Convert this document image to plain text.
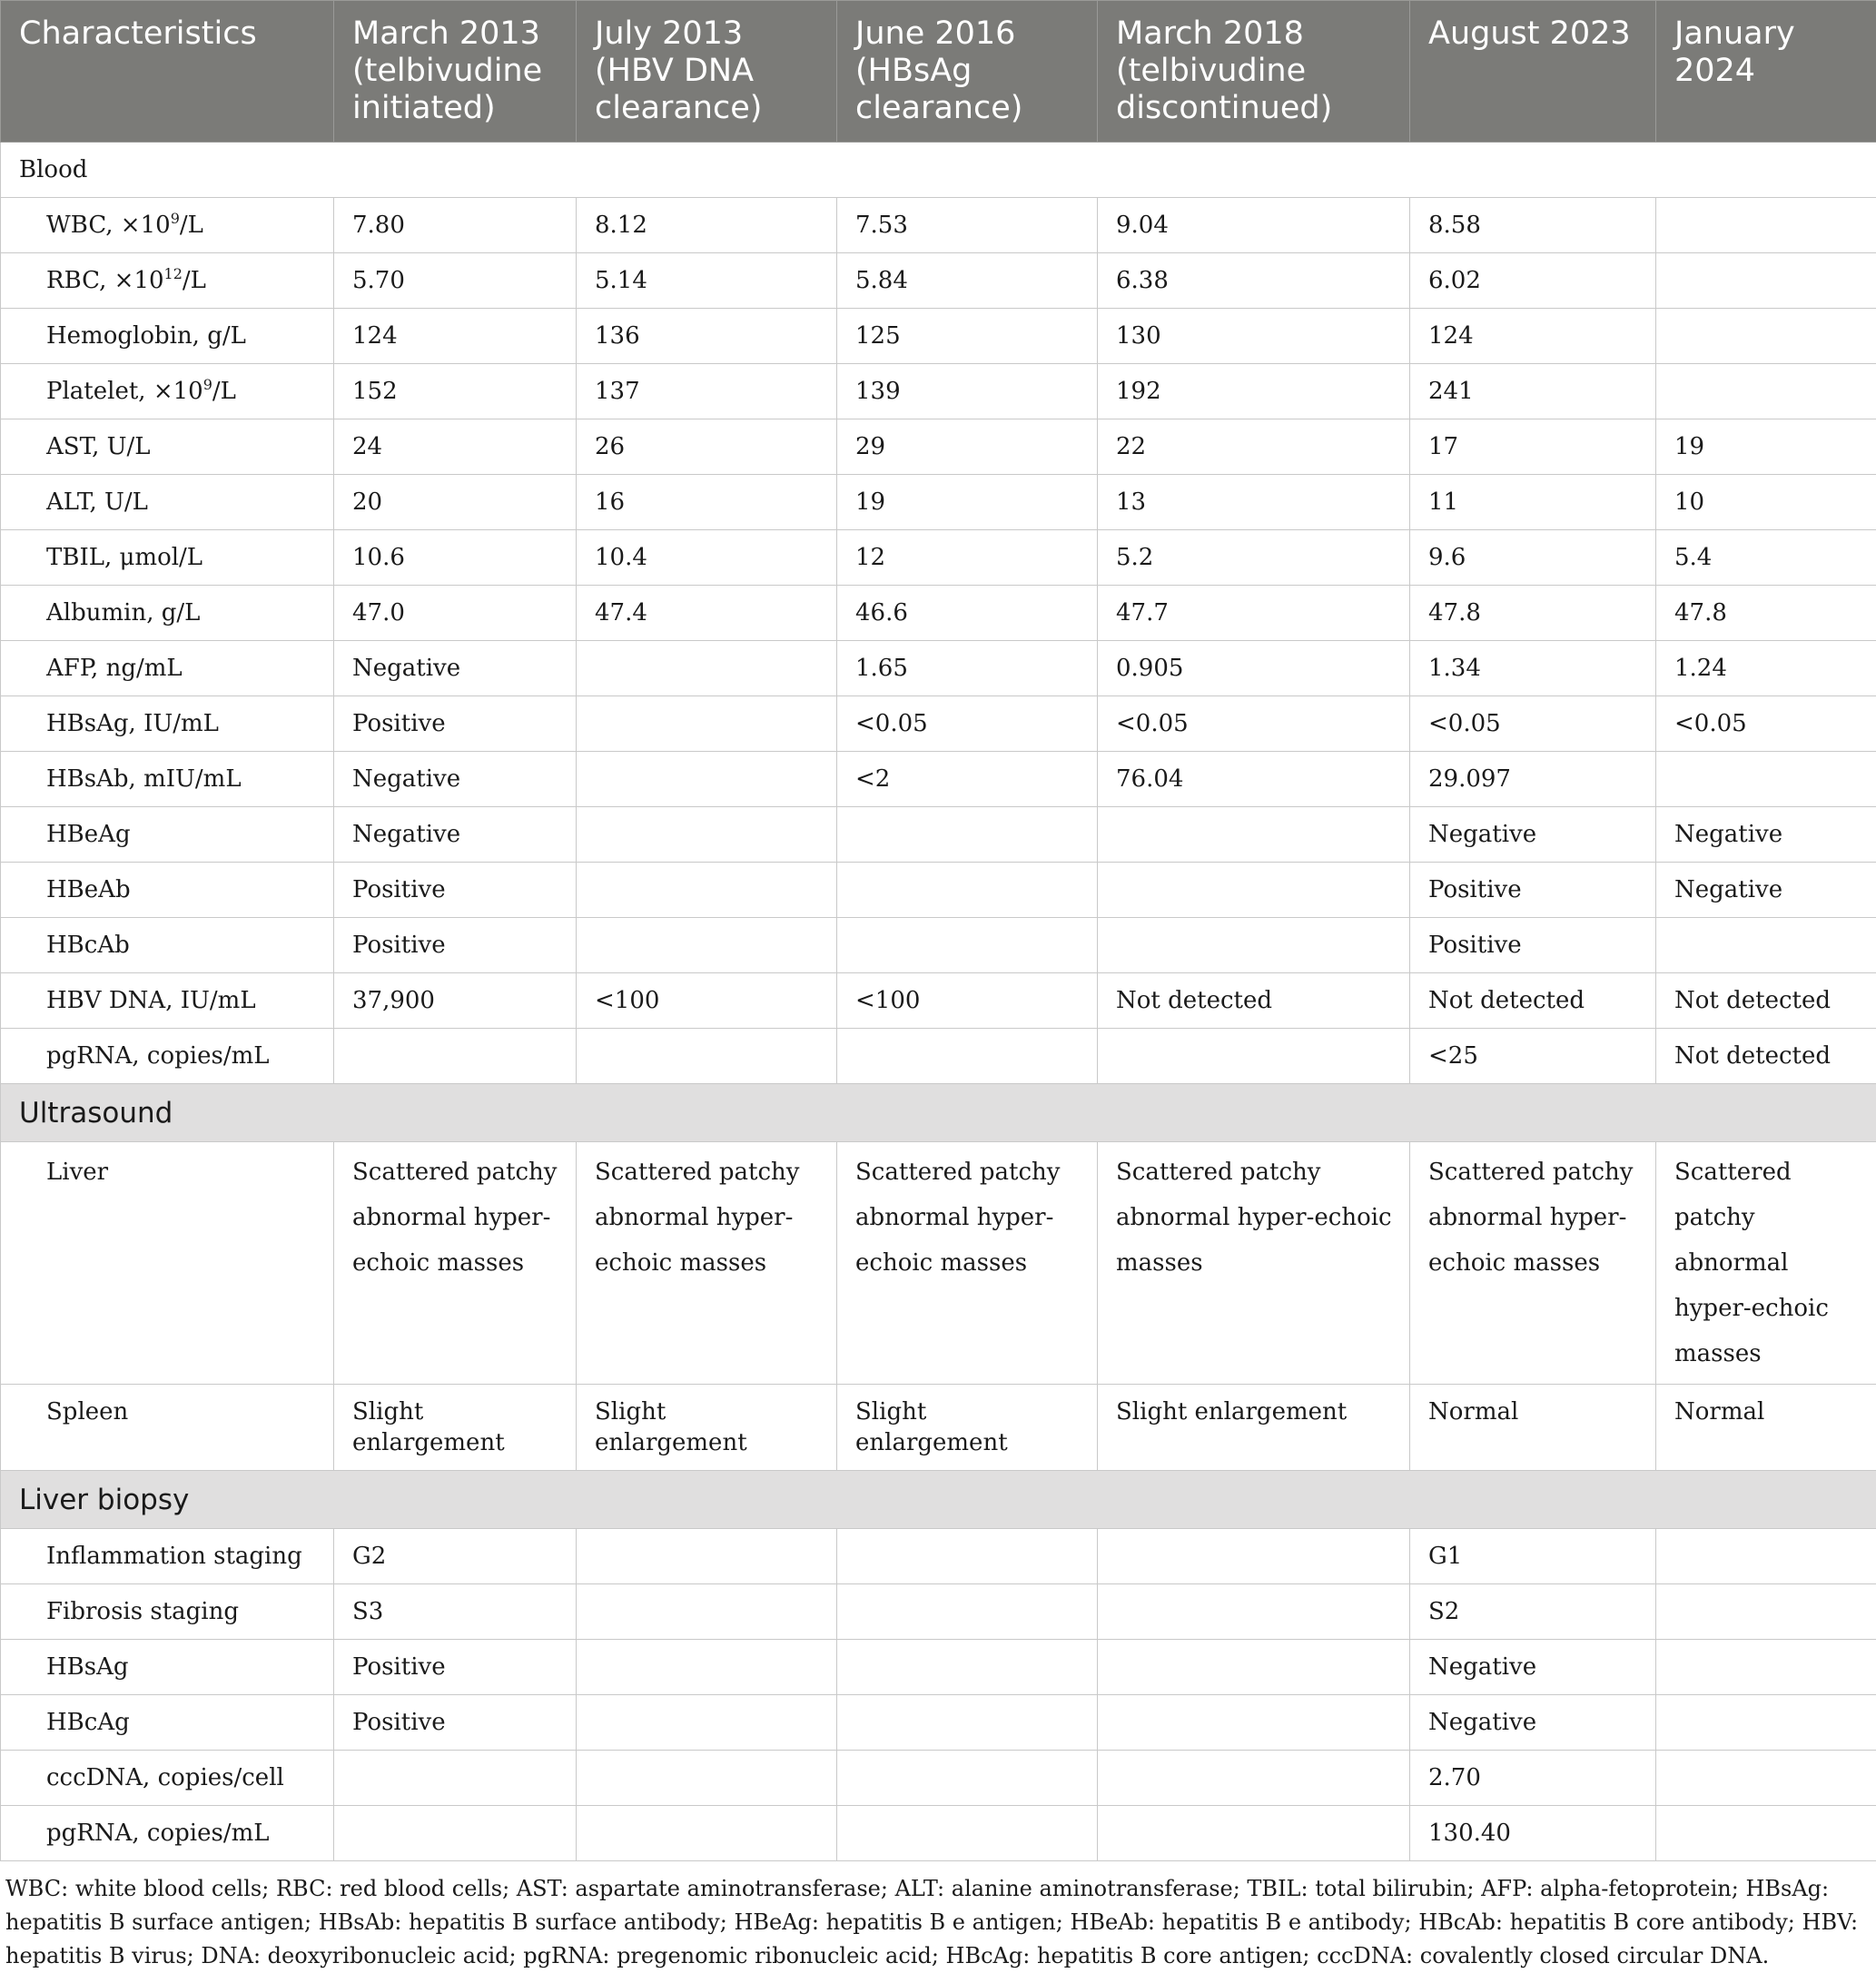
Characteristics	March 2013 (telbivudine initiated)	July 2013 (HBV DNA clearance)	June 2016 (HBsAg clearance)	March 2018 (telbivudine discontinued)	August 2023	January 2024
Blood						
WBC, $\times 10^9/L$	7.80	8.12	7.53	9.04	8.58	
RBC, $\times 10^{12}/L$	5.70	5.14	5.84	6.38	6.02	
Hemoglobin, g/L	124	136	125	130	124	
Platelet, $\times 10^9/L$	152	137	139	192	241	
AST, U/L	24	26	29	22	17	19
ALT, U/L	20	16	19	13	11	10
TBIL, μmol/L	10.6	10.4	12	5.2	9.6	5.4
Albumin, g/L	47.0	47.4	46.6	47.7	47.8	47.8
AFP, ng/mL	Negative		1.65	0.905	1.34	1.24
HBsAg, IU/mL	Positive		<0.05	<0.05	<0.05	<0.05
HBsAb, mIU/mL	Negative		<2	76.04	29.097	
HBeAg	Negative				Negative	Negative
HBeAb	Positive				Positive	Negative
HBcAb	Positive				Positive	
HBV DNA, IU/mL	37,900	<100	<100	Not detected	Not detected	Not detected
pgRNA, copies/mL					<25	Not detected
Ultrasound						
Liver	Scattered patchy abnormal hyper-echoic masses	Scattered patchy abnormal hyper-echoic masses	Scattered patchy abnormal hyper-echoic masses	Scattered patchy abnormal hyper-echoic masses	Scattered patchy abnormal hyper-echoic masses	Scattered patchy abnormal hyper-echoic masses
Spleen	Slight enlargement	Slight enlargement	Slight enlargement	Slight enlargement	Normal	Normal
Liver biopsy						
Inflammation staging	G2				G1	
Fibrosis staging	S3				S2	
HBsAg	Positive				Negative	
HBcAg	Positive				Negative	
cccDNA, copies/cell					2.70	
pgRNA, copies/mL					130.40	
WBC: white blood cells; RBC: red blood cells; AST: aspartate aminotransferase; ALT: alanine aminotransferase; TBIL: total bilirubin; AFP: alpha-fetoprotein; HBsAg: hepatitis B surface antigen; HBsAb: hepatitis B surface antibody; HBeAg: hepatitis B e antigen; HBeAb: hepatitis B e antibody; HBcAb: hepatitis B core antibody; HBV: hepatitis B virus; DNA: deoxyribonucleic acid; pgRNA: pregenomic ribonucleic acid; HBcAg: hepatitis B core antigen; cccDNA: covalently closed circular DNA.
